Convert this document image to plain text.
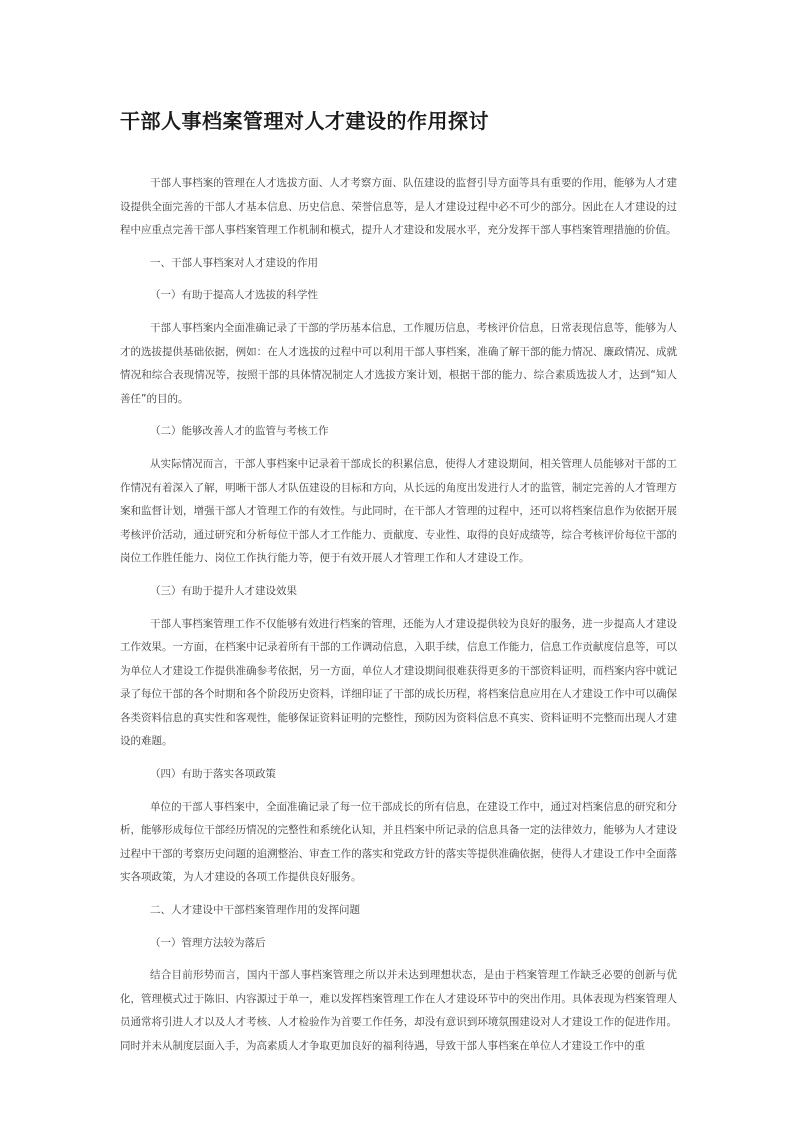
干部人事档案管理对人才建设的作用探讨

干部人事档案的管理在人才选拔方面、人才考察方面、队伍建设的监督引导方面等具有重要的作用，能够为人才建设提供全面完善的干部人才基本信息、历史信息、荣誉信息等，是人才建设过程中必不可少的部分。因此在人才建设的过程中应重点完善干部人事档案管理工作机制和模式，提升人才建设和发展水平，充分发挥干部人事档案管理措施的价值。

一、干部人事档案对人才建设的作用

（一）有助于提高人才选拔的科学性

干部人事档案内全面准确记录了干部的学历基本信息，工作履历信息，考核评价信息，日常表现信息等，能够为人才的选拔提供基础依据，例如：在人才选拔的过程中可以利用干部人事档案，准确了解干部的能力情况、廉政情况、成就情况和综合表现情况等，按照干部的具体情况制定人才选拔方案计划，根据干部的能力、综合素质选拔人才，达到“知人善任”的目的。

（二）能够改善人才的监管与考核工作

从实际情况而言，干部人事档案中记录着干部成长的积累信息，使得人才建设期间，相关管理人员能够对干部的工作情况有着深入了解，明晰干部人才队伍建设的目标和方向，从长远的角度出发进行人才的监管，制定完善的人才管理方案和监督计划，增强干部人才管理工作的有效性。与此同时，在干部人才管理的过程中，还可以将档案信息作为依据开展考核评价活动，通过研究和分析每位干部人才工作能力、贡献度、专业性、取得的良好成绩等，综合考核评价每位干部的岗位工作胜任能力、岗位工作执行能力等，便于有效开展人才管理工作和人才建设工作。

（三）有助于提升人才建设效果

干部人事档案管理工作不仅能够有效进行档案的管理，还能为人才建设提供较为良好的服务，进一步提高人才建设工作效果。一方面，在档案中记录着所有干部的工作调动信息，入职手续，信息工作能力，信息工作贡献度信息等，可以为单位人才建设工作提供准确参考依据，另一方面，单位人才建设期间很难获得更多的干部资料证明，而档案内容中就记录了每位干部的各个时期和各个阶段历史资料，详细印证了干部的成长历程，将档案信息应用在人才建设工作中可以确保各类资料信息的真实性和客观性，能够保证资料证明的完整性，预防因为资料信息不真实、资料证明不完整而出现人才建设的难题。

（四）有助于落实各项政策

单位的干部人事档案中，全面准确记录了每一位干部成长的所有信息，在建设工作中，通过对档案信息的研究和分析，能够形成每位干部经历情况的完整性和系统化认知，并且档案中所记录的信息具备一定的法律效力，能够为人才建设过程中干部的考察历史问题的追溯整治、审查工作的落实和党政方针的落实等提供准确依据，使得人才建设工作中全面落实各项政策，为人才建设的各项工作提供良好服务。

二、人才建设中干部档案管理作用的发挥问题

（一）管理方法较为落后

结合目前形势而言，国内干部人事档案管理之所以并未达到理想状态，是由于档案管理工作缺乏必要的创新与优化，管理模式过于陈旧、内容源过于单一，难以发挥档案管理工作在人才建设环节中的突出作用。具体表现为档案管理人员通常将引进人才以及人才考核、人才检验作为首要工作任务，却没有意识到环境氛围建设对人才建设工作的促进作用。同时并未从制度层面入手，为高素质人才争取更加良好的福利待遇，导致干部人事档案在单位人才建设工作中的重
